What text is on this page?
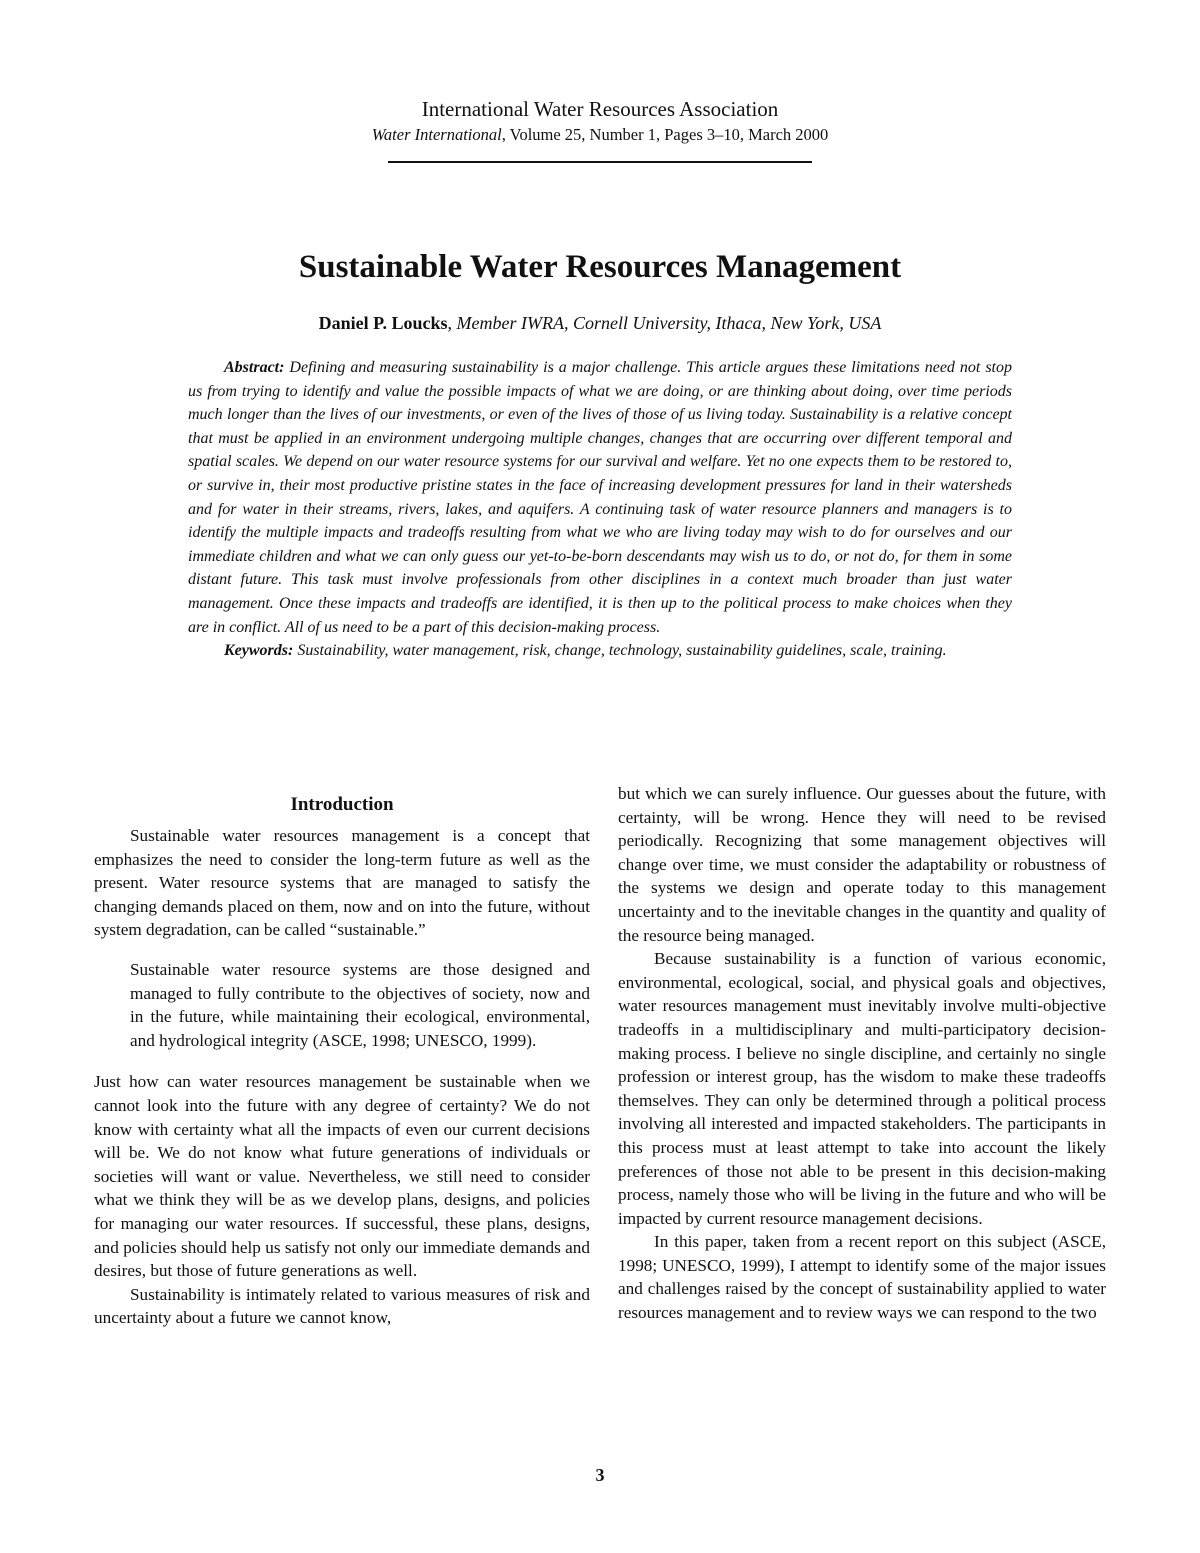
International Water Resources Association
Water International, Volume 25, Number 1, Pages 3–10, March 2000
Sustainable Water Resources Management
Daniel P. Loucks, Member IWRA, Cornell University, Ithaca, New York, USA

Abstract: Defining and measuring sustainability is a major challenge. This article argues these limitations need not stop us from trying to identify and value the possible impacts of what we are doing, or are thinking about doing, over time periods much longer than the lives of our investments, or even of the lives of those of us living today. Sustainability is a relative concept that must be applied in an environment undergoing multiple changes, changes that are occurring over different temporal and spatial scales. We depend on our water resource systems for our survival and welfare. Yet no one expects them to be restored to, or survive in, their most productive pristine states in the face of increasing development pressures for land in their watersheds and for water in their streams, rivers, lakes, and aquifers. A continuing task of water resource planners and managers is to identify the multiple impacts and tradeoffs resulting from what we who are living today may wish to do for ourselves and our immediate children and what we can only guess our yet-to-be-born descendants may wish us to do, or not do, for them in some distant future. This task must involve professionals from other disciplines in a context much broader than just water management. Once these impacts and tradeoffs are identified, it is then up to the political process to make choices when they are in conflict. All of us need to be a part of this decision-making process.

Keywords: Sustainability, water management, risk, change, technology, sustainability guidelines, scale, training.

Introduction

Sustainable water resources management is a concept that emphasizes the need to consider the long-term future as well as the present. Water resource systems that are managed to satisfy the changing demands placed on them, now and on into the future, without system degradation, can be called “sustainable.”

Sustainable water resource systems are those designed and managed to fully contribute to the objectives of society, now and in the future, while maintaining their ecological, environmental, and hydrological integrity (ASCE, 1998; UNESCO, 1999).

Just how can water resources management be sustainable when we cannot look into the future with any degree of certainty? We do not know with certainty what all the impacts of even our current decisions will be. We do not know what future generations of individuals or societies will want or value. Nevertheless, we still need to consider what we think they will be as we develop plans, designs, and policies for managing our water resources. If successful, these plans, designs, and policies should help us satisfy not only our immediate demands and desires, but those of future generations as well.

Sustainability is intimately related to various measures of risk and uncertainty about a future we cannot know,

but which we can surely influence. Our guesses about the future, with certainty, will be wrong. Hence they will need to be revised periodically. Recognizing that some management objectives will change over time, we must consider the adaptability or robustness of the systems we design and operate today to this management uncertainty and to the inevitable changes in the quantity and quality of the resource being managed.

Because sustainability is a function of various economic, environmental, ecological, social, and physical goals and objectives, water resources management must inevitably involve multi-objective tradeoffs in a multidisciplinary and multi-participatory decision-making process. I believe no single discipline, and certainly no single profession or interest group, has the wisdom to make these tradeoffs themselves. They can only be determined through a political process involving all interested and impacted stakeholders. The participants in this process must at least attempt to take into account the likely preferences of those not able to be present in this decision-making process, namely those who will be living in the future and who will be impacted by current resource management decisions.

In this paper, taken from a recent report on this subject (ASCE, 1998; UNESCO, 1999), I attempt to identify some of the major issues and challenges raised by the concept of sustainability applied to water resources management and to review ways we can respond to the two

3
